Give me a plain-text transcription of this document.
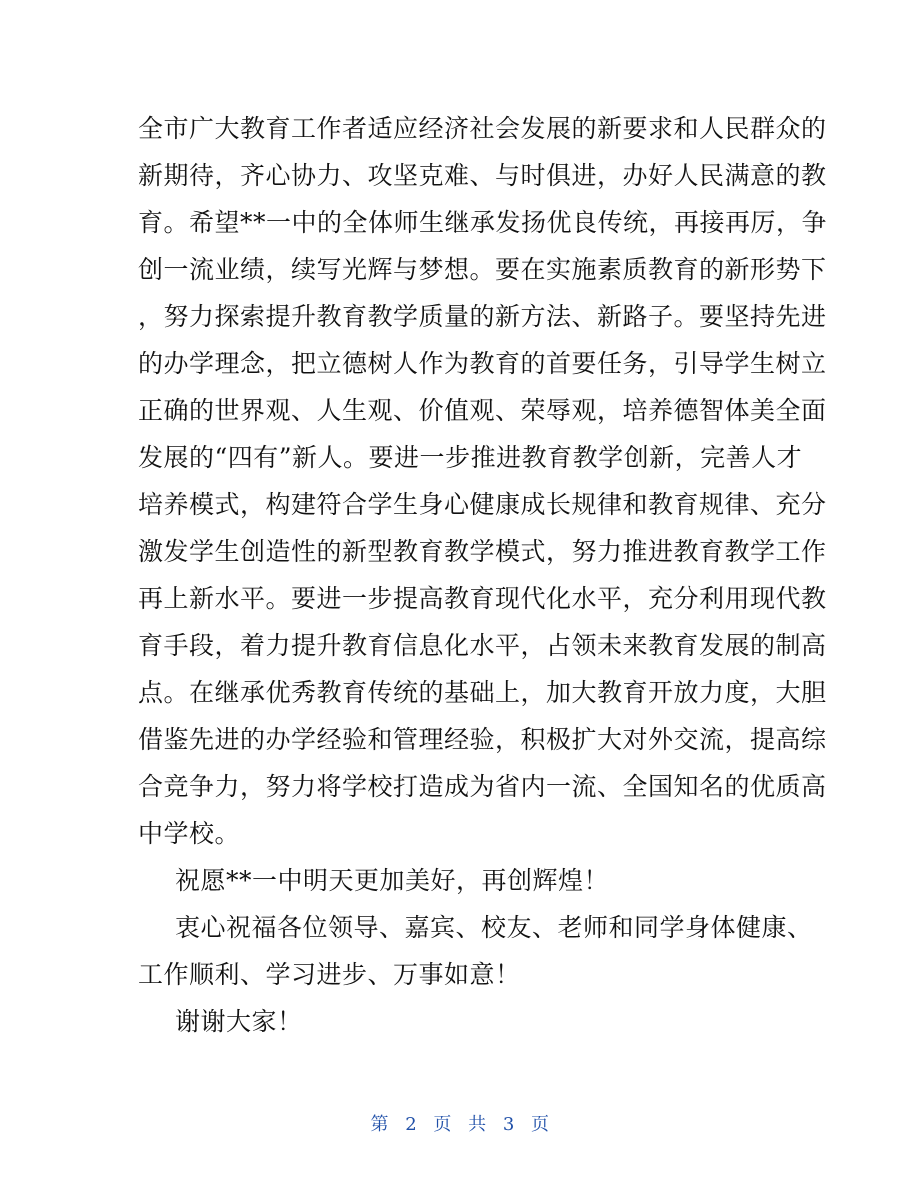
全市广大教育工作者适应经济社会发展的新要求和人民群众的
新期待，齐心协力、攻坚克难、与时俱进，办好人民满意的教
育。希望**一中的全体师生继承发扬优良传统，再接再厉，争
创一流业绩，续写光辉与梦想。要在实施素质教育的新形势下
，努力探索提升教育教学质量的新方法、新路子。要坚持先进
的办学理念，把立德树人作为教育的首要任务，引导学生树立
正确的世界观、人生观、价值观、荣辱观，培养德智体美全面
发展的“四有”新人。要进一步推进教育教学创新，完善人才
培养模式，构建符合学生身心健康成长规律和教育规律、充分
激发学生创造性的新型教育教学模式，努力推进教育教学工作
再上新水平。要进一步提高教育现代化水平，充分利用现代教
育手段，着力提升教育信息化水平，占领未来教育发展的制高
点。在继承优秀教育传统的基础上，加大教育开放力度，大胆
借鉴先进的办学经验和管理经验，积极扩大对外交流，提高综
合竞争力，努力将学校打造成为省内一流、全国知名的优质高
中学校。
祝愿**一中明天更加美好，再创辉煌！
衷心祝福各位领导、嘉宾、校友、老师和同学身体健康、
工作顺利、学习进步、万事如意！
谢谢大家！
第 2 页 共 3 页
